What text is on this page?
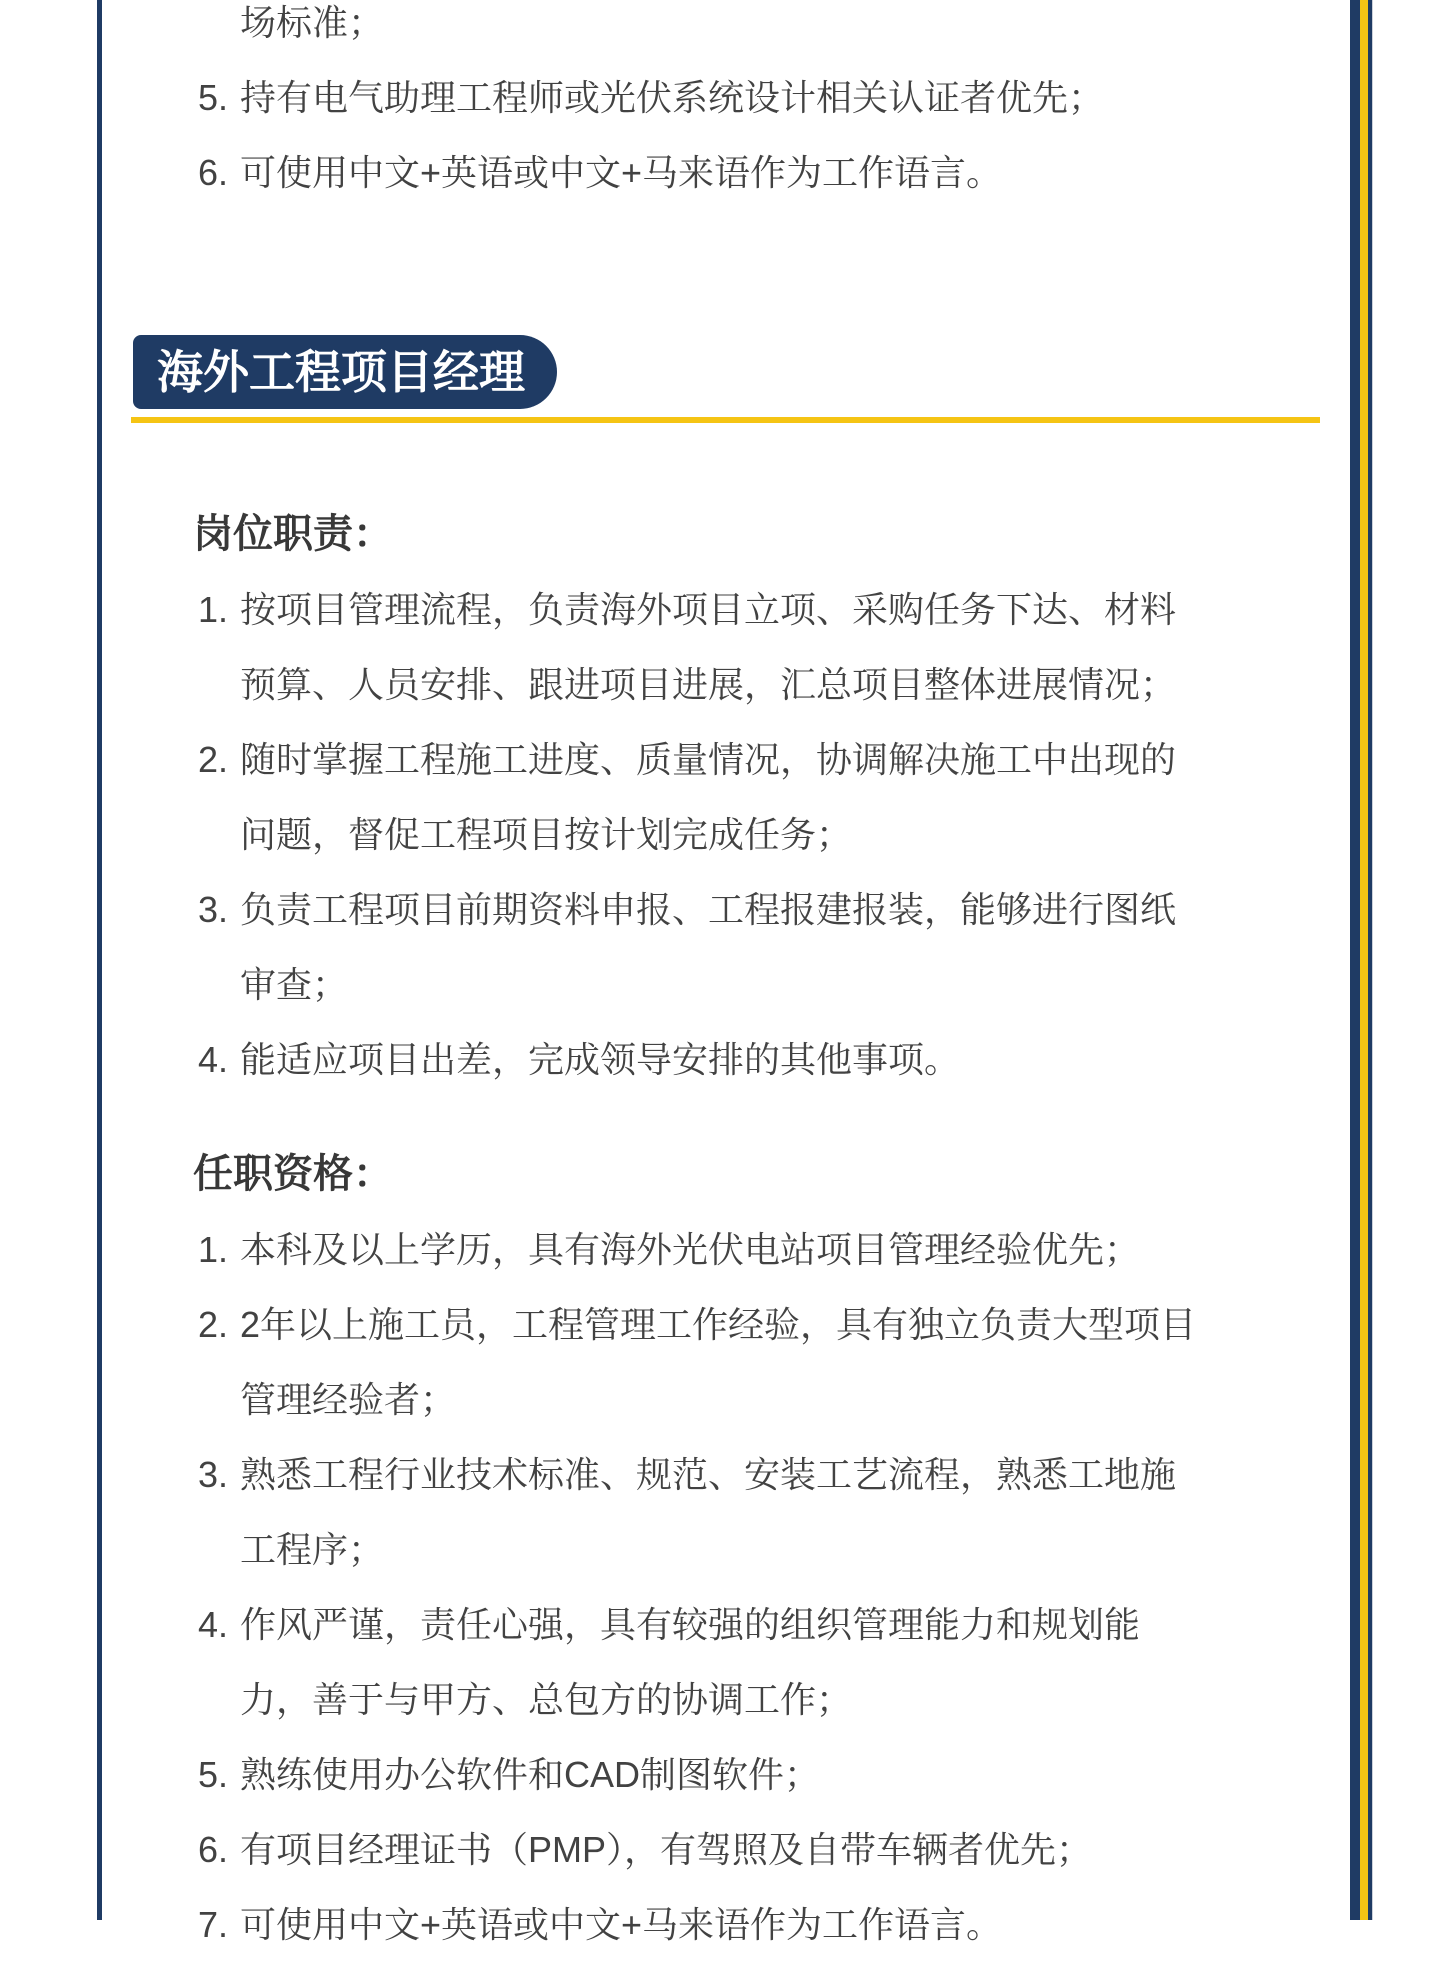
场标准；
5. 持有电气助理工程师或光伏系统设计相关认证者优先；
6. 可使用中文+英语或中文+马来语作为工作语言。
海外工程项目经理
岗位职责：
1. 按项目管理流程，负责海外项目立项、采购任务下达、材料
预算、人员安排、跟进项目进展，汇总项目整体进展情况；
2. 随时掌握工程施工进度、质量情况，协调解决施工中出现的
问题，督促工程项目按计划完成任务；
3. 负责工程项目前期资料申报、工程报建报装，能够进行图纸
审查；
4. 能适应项目出差，完成领导安排的其他事项。
任职资格：
1. 本科及以上学历，具有海外光伏电站项目管理经验优先；
2. 2年以上施工员，工程管理工作经验，具有独立负责大型项目
管理经验者；
3. 熟悉工程行业技术标准、规范、安装工艺流程，熟悉工地施
工程序；
4. 作风严谨，责任心强，具有较强的组织管理能力和规划能
力，善于与甲方、总包方的协调工作；
5. 熟练使用办公软件和CAD制图软件；
6. 有项目经理证书（PMP），有驾照及自带车辆者优先；
7. 可使用中文+英语或中文+马来语作为工作语言。
